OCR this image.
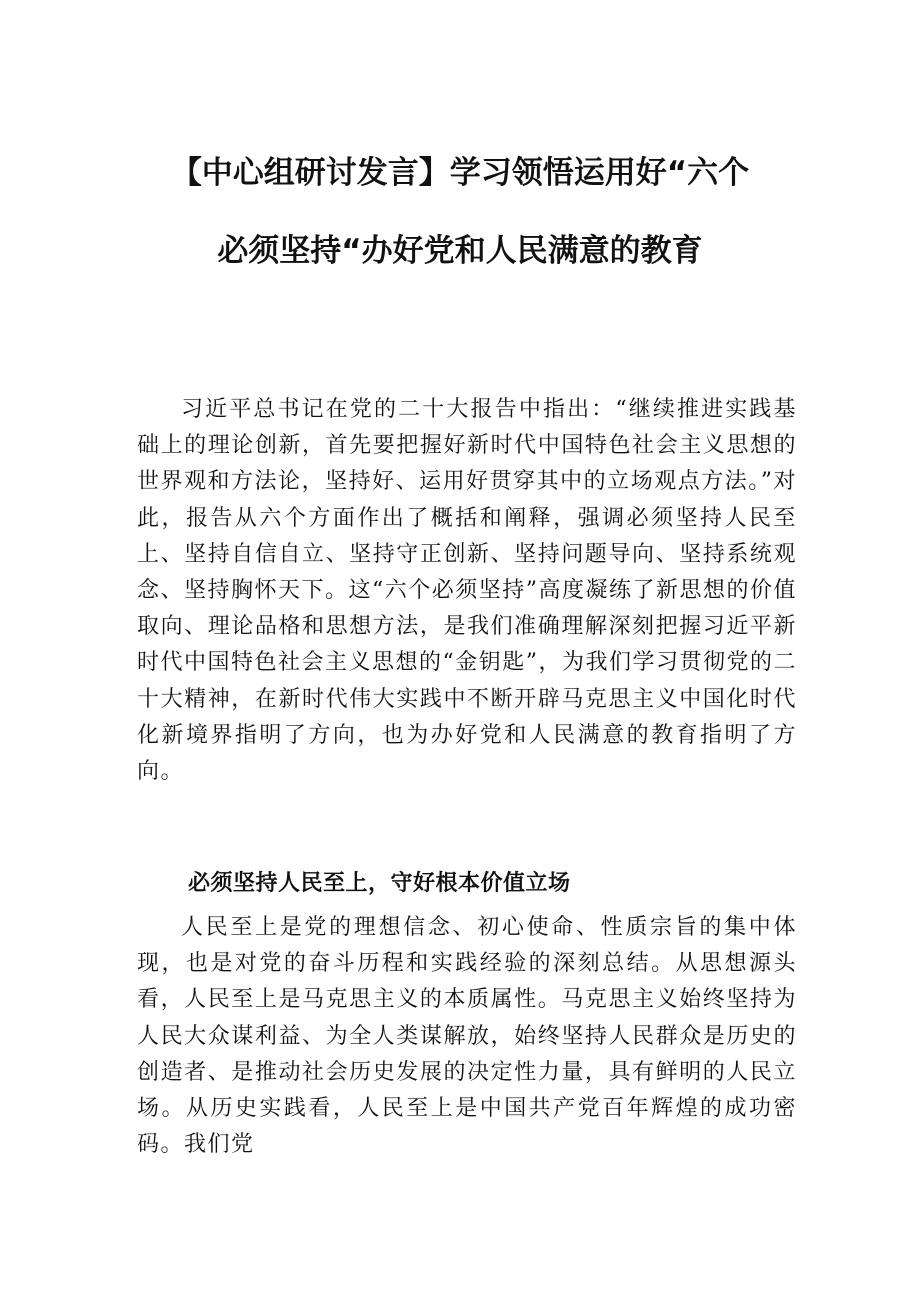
【中心组研讨发言】学习领悟运用好“六个
必须坚持“办好党和人民满意的教育

习近平总书记在党的二十大报告中指出：“继续推进实践基础上的理论创新，首先要把握好新时代中国特色社会主义思想的世界观和方法论，坚持好、运用好贯穿其中的立场观点方法。”对此，报告从六个方面作出了概括和阐释，强调必须坚持人民至上、坚持自信自立、坚持守正创新、坚持问题导向、坚持系统观念、坚持胸怀天下。这“六个必须坚持”高度凝练了新思想的价值取向、理论品格和思想方法，是我们准确理解深刻把握习近平新时代中国特色社会主义思想的“金钥匙”，为我们学习贯彻党的二十大精神，在新时代伟大实践中不断开辟马克思主义中国化时代化新境界指明了方向，也为办好党和人民满意的教育指明了方向。

必须坚持人民至上，守好根本价值立场

人民至上是党的理想信念、初心使命、性质宗旨的集中体现，也是对党的奋斗历程和实践经验的深刻总结。从思想源头看，人民至上是马克思主义的本质属性。马克思主义始终坚持为人民大众谋利益、为全人类谋解放，始终坚持人民群众是历史的创造者、是推动社会历史发展的决定性力量，具有鲜明的人民立场。从历史实践看，人民至上是中国共产党百年辉煌的成功密码。我们党
